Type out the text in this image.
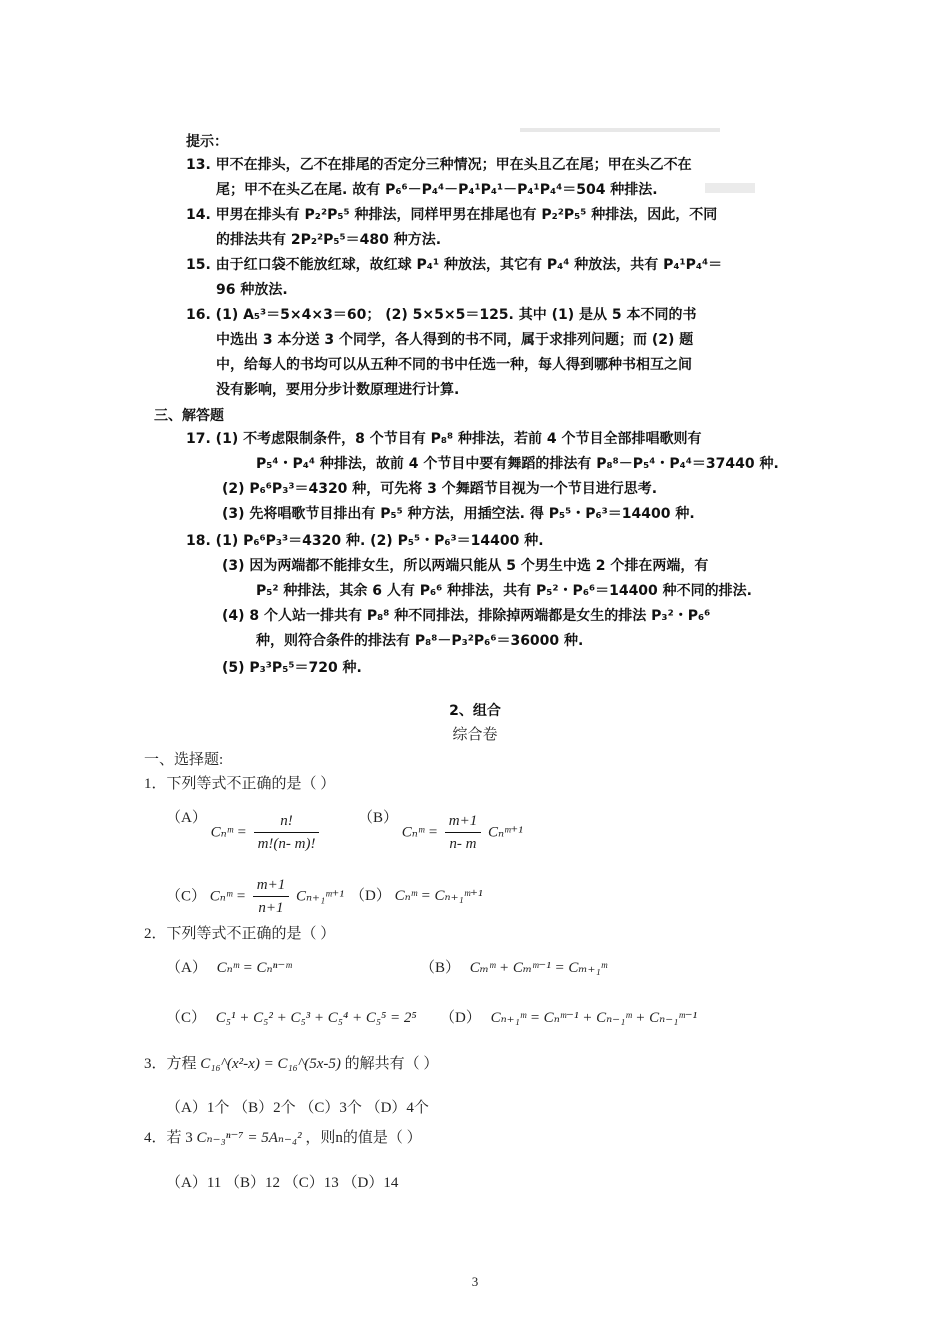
提示：
13. 甲不在排头，乙不在排尾的否定分三种情况；甲在头且乙在尾；甲在头乙不在
尾；甲不在头乙在尾. 故有 P₆⁶－P₄⁴－P₄¹P₄¹－P₄¹P₄⁴＝504 种排法.
14. 甲男在排头有 P₂²P₅⁵ 种排法，同样甲男在排尾也有 P₂²P₅⁵ 种排法，因此，不同
的排法共有 2P₂²P₅⁵＝480 种方法.
15. 由于红口袋不能放红球，故红球 P₄¹ 种放法，其它有 P₄⁴ 种放法，共有 P₄¹P₄⁴＝
96 种放法.
16. (1) A₅³＝5×4×3＝60； (2) 5×5×5＝125. 其中 (1) 是从 5 本不同的书
中选出 3 本分送 3 个同学，各人得到的书不同，属于求排列问题；而 (2) 题
中，给每人的书均可以从五种不同的书中任选一种，每人得到哪种书相互之间
没有影响，要用分步计数原理进行计算.
三、解答题
17. (1) 不考虑限制条件，8 个节目有 P₈⁸ 种排法，若前 4 个节目全部排唱歌则有
P₅⁴・P₄⁴ 种排法，故前 4 个节目中要有舞蹈的排法有 P₈⁸－P₅⁴・P₄⁴＝37440 种.
(2) P₆⁶P₃³＝4320 种，可先将 3 个舞蹈节目视为一个节目进行思考.
(3) 先将唱歌节目排出有 P₅⁵ 种方法，用插空法. 得 P₅⁵・P₆³＝14400 种.
18. (1) P₆⁶P₃³＝4320 种. (2) P₅⁵・P₆³＝14400 种.
(3) 因为两端都不能排女生，所以两端只能从 5 个男生中选 2 个排在两端，有
P₅² 种排法，其余 6 人有 P₆⁶ 种排法，共有 P₅²・P₆⁶＝14400 种不同的排法.
(4) 8 个人站一排共有 P₈⁸ 种不同排法，排除掉两端都是女生的排法 P₃²・P₆⁶
种，则符合条件的排法有 P₈⁸－P₃²P₆⁶＝36000 种.
(5) P₃³P₅⁵＝720 种.
2、组合
综合卷
一、选择题:
1．下列等式不正确的是（ ）
（A） Cₙᵐ = $\frac{n!}{m!(n- m)!}$	（B） Cₙᵐ = $\frac{m+1}{n- m}$ Cₙᵐ⁺¹
（C） Cₙᵐ = $\frac{m+1}{n+1}$ Cₙ₊₁ᵐ⁺¹ （D） Cₙᵐ = Cₙ₊₁ᵐ⁺¹
2．下列等式不正确的是（ ）
（A） Cₙᵐ = Cₙⁿ⁻ᵐ	（B） Cₘᵐ + Cₘᵐ⁻¹ = Cₘ₊₁ᵐ
（C） C₅¹ + C₅² + C₅³ + C₅⁴ + C₅⁵ = 2⁵ （D） Cₙ₊₁ᵐ = Cₙᵐ⁻¹ + Cₙ₋₁ᵐ + Cₙ₋₁ᵐ⁻¹
3．方程 C₁₆^(x²-x) = C₁₆^(5x-5) 的解共有（ ）
（A）1个 （B）2个 （C）3个 （D）4个
4．若 3 Cₙ₋₃ⁿ⁻⁷ = 5Aₙ₋₄² ，则n的值是（ ）
（A）11 （B）12 （C）13 （D）14
3
